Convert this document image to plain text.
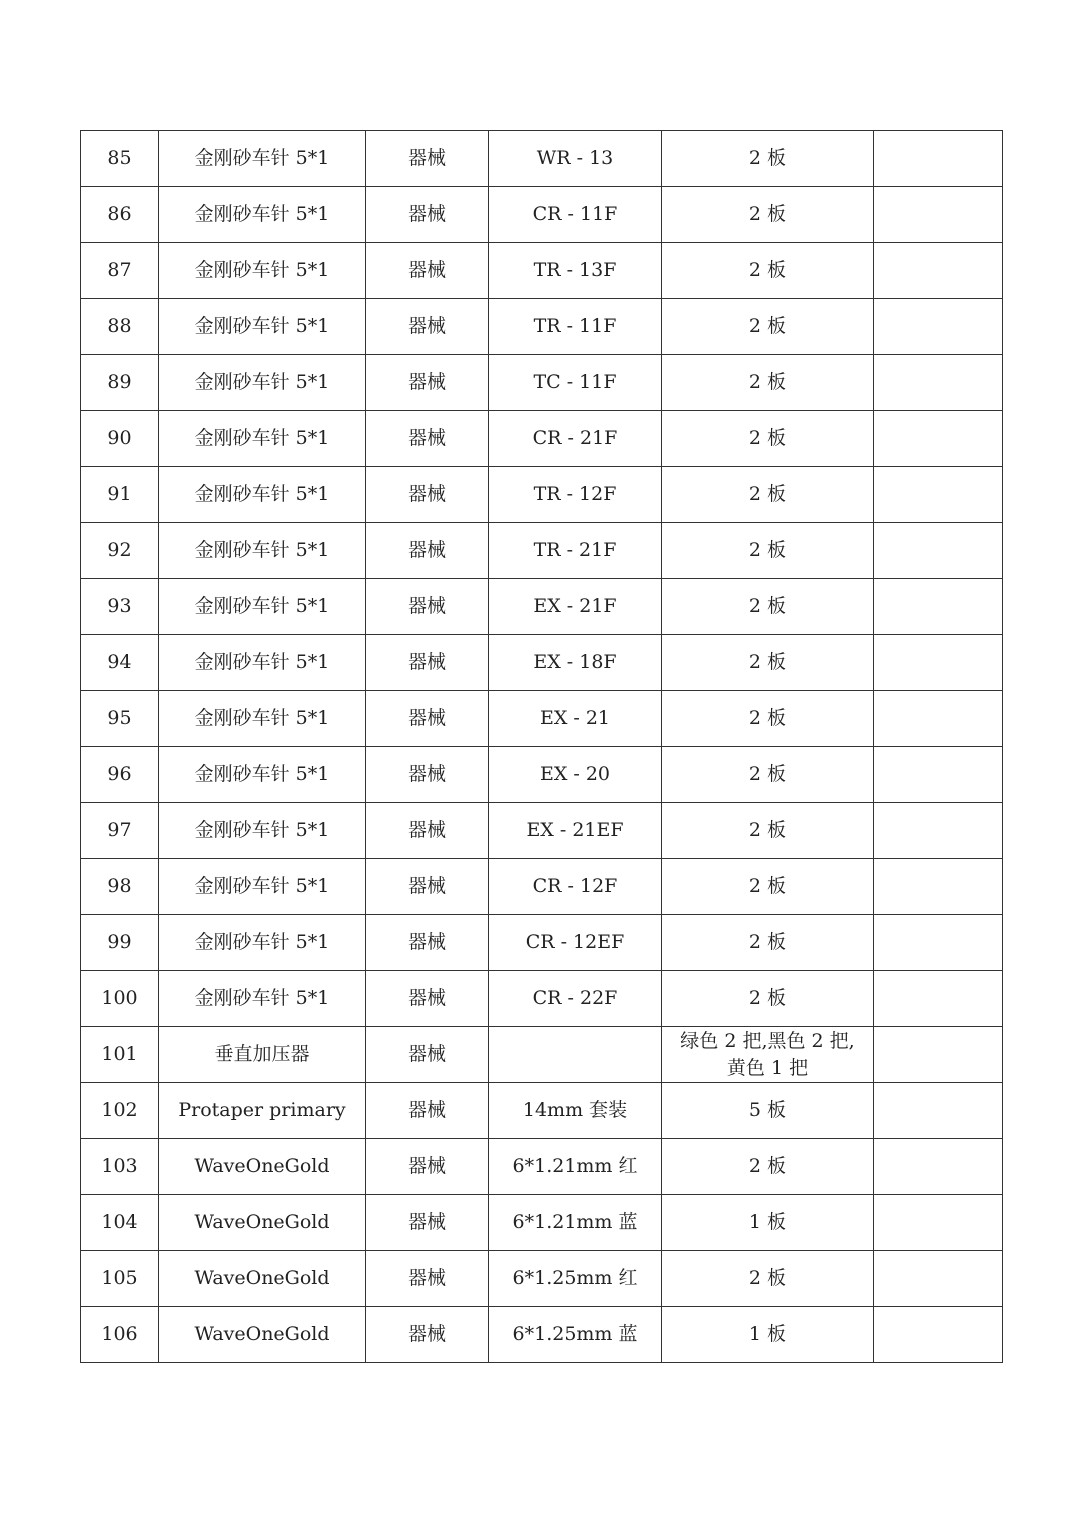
85	金刚砂车针 5*1	器械	WR - 13	2 板	
86	金刚砂车针 5*1	器械	CR - 11F	2 板	
87	金刚砂车针 5*1	器械	TR - 13F	2 板	
88	金刚砂车针 5*1	器械	TR - 11F	2 板	
89	金刚砂车针 5*1	器械	TC - 11F	2 板	
90	金刚砂车针 5*1	器械	CR - 21F	2 板	
91	金刚砂车针 5*1	器械	TR - 12F	2 板	
92	金刚砂车针 5*1	器械	TR - 21F	2 板	
93	金刚砂车针 5*1	器械	EX - 21F	2 板	
94	金刚砂车针 5*1	器械	EX - 18F	2 板	
95	金刚砂车针 5*1	器械	EX - 21	2 板	
96	金刚砂车针 5*1	器械	EX - 20	2 板	
97	金刚砂车针 5*1	器械	EX - 21EF	2 板	
98	金刚砂车针 5*1	器械	CR - 12F	2 板	
99	金刚砂车针 5*1	器械	CR - 12EF	2 板	
100	金刚砂车针 5*1	器械	CR - 22F	2 板	
101	垂直加压器	器械		绿色 2 把,黑色 2 把,
黄色 1 把	
102	Protaper primary	器械	14mm 套装	5 板	
103	WaveOneGold	器械	6*1.21mm 红	2 板	
104	WaveOneGold	器械	6*1.21mm 蓝	1 板	
105	WaveOneGold	器械	6*1.25mm 红	2 板	
106	WaveOneGold	器械	6*1.25mm 蓝	1 板	
